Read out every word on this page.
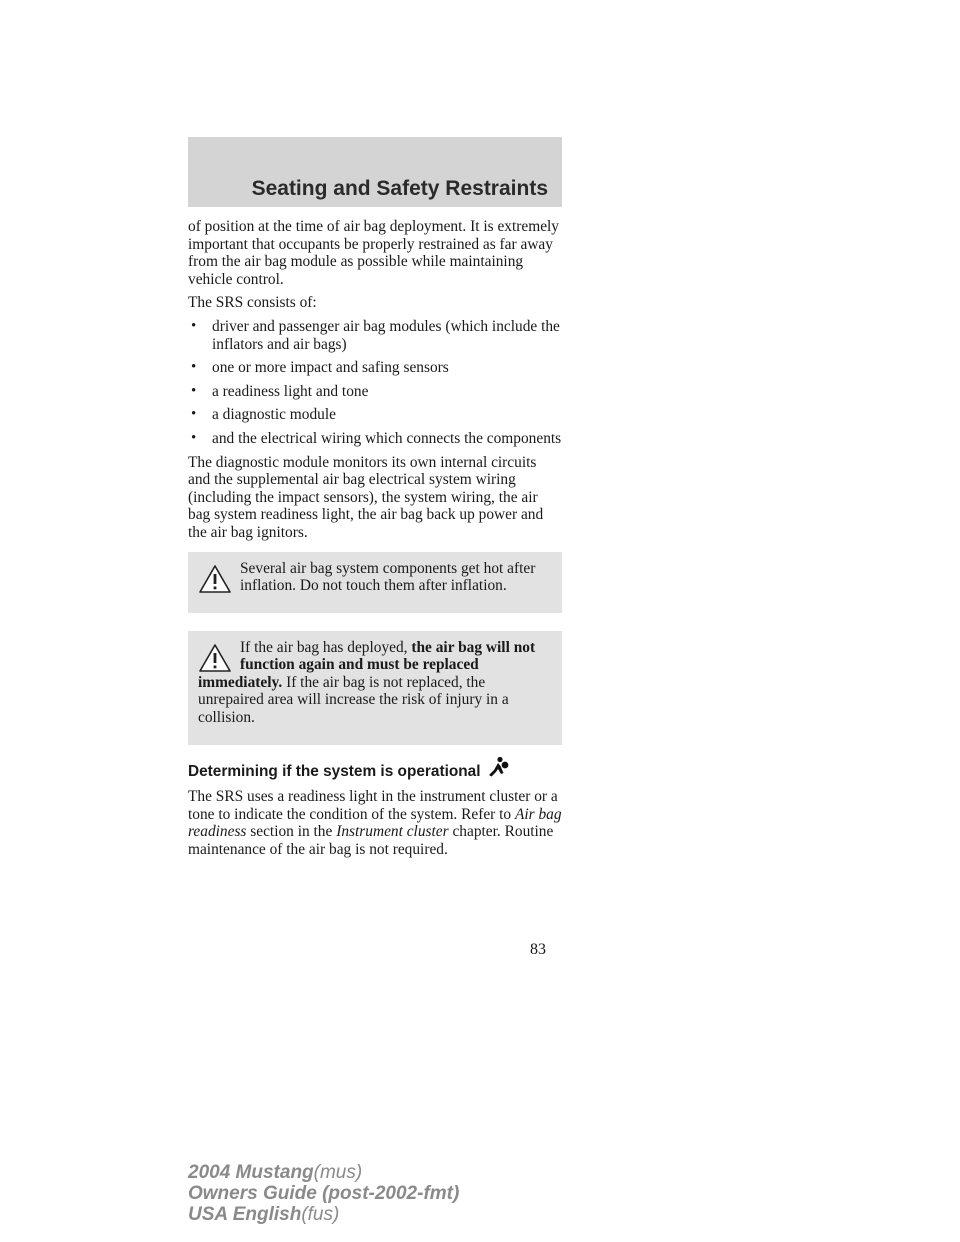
Seating and Safety Restraints

of position at the time of air bag deployment. It is extremely important that occupants be properly restrained as far away from the air bag module as possible while maintaining vehicle control.

The SRS consists of:

• driver and passenger air bag modules (which include the inflators and air bags)
• one or more impact and safing sensors
• a readiness light and tone
• a diagnostic module
• and the electrical wiring which connects the components

The diagnostic module monitors its own internal circuits and the supplemental air bag electrical system wiring (including the impact sensors), the system wiring, the air bag system readiness light, the air bag back up power and the air bag ignitors.

Several air bag system components get hot after inflation. Do not touch them after inflation.

If the air bag has deployed, the air bag will not function again and must be replaced immediately. If the air bag is not replaced, the unrepaired area will increase the risk of injury in a collision.

Determining if the system is operational

The SRS uses a readiness light in the instrument cluster or a tone to indicate the condition of the system. Refer to Air bag readiness section in the Instrument cluster chapter. Routine maintenance of the air bag is not required.

83
2004 Mustang(mus)
Owners Guide (post-2002-fmt)
USA English(fus)
